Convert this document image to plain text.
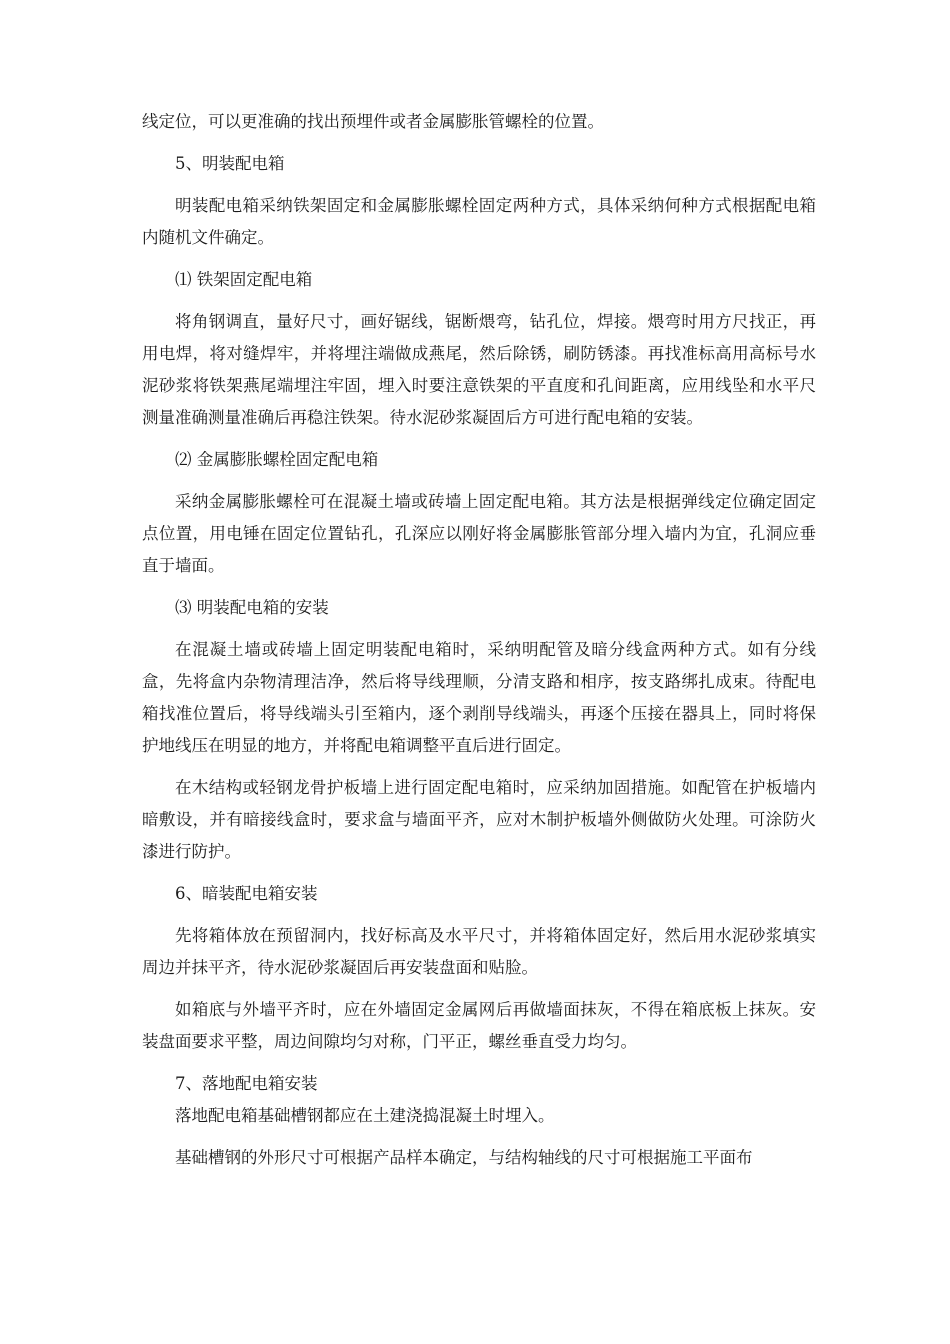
线定位，可以更准确的找出预埋件或者金属膨胀管螺栓的位置。

5、明装配电箱

明装配电箱采纳铁架固定和金属膨胀螺栓固定两种方式，具体采纳何种方式根据配电箱内随机文件确定。

⑴ 铁架固定配电箱

将角钢调直，量好尺寸，画好锯线，锯断煨弯，钻孔位，焊接。煨弯时用方尺找正，再用电焊，将对缝焊牢，并将埋注端做成燕尾，然后除锈，刷防锈漆。再找准标高用高标号水泥砂浆将铁架燕尾端埋注牢固，埋入时要注意铁架的平直度和孔间距离，应用线坠和水平尺测量准确测量准确后再稳注铁架。待水泥砂浆凝固后方可进行配电箱的安装。

⑵ 金属膨胀螺栓固定配电箱

采纳金属膨胀螺栓可在混凝土墙或砖墙上固定配电箱。其方法是根据弹线定位确定固定点位置，用电锤在固定位置钻孔，孔深应以刚好将金属膨胀管部分埋入墙内为宜，孔洞应垂直于墙面。

⑶ 明装配电箱的安装

在混凝土墙或砖墙上固定明装配电箱时，采纳明配管及暗分线盒两种方式。如有分线盒，先将盒内杂物清理洁净，然后将导线理顺，分清支路和相序，按支路绑扎成束。待配电箱找准位置后，将导线端头引至箱内，逐个剥削导线端头，再逐个压接在器具上，同时将保护地线压在明显的地方，并将配电箱调整平直后进行固定。

在木结构或轻钢龙骨护板墙上进行固定配电箱时，应采纳加固措施。如配管在护板墙内暗敷设，并有暗接线盒时，要求盒与墙面平齐，应对木制护板墙外侧做防火处理。可涂防火漆进行防护。

6、暗装配电箱安装

先将箱体放在预留洞内，找好标高及水平尺寸，并将箱体固定好，然后用水泥砂浆填实周边并抹平齐，待水泥砂浆凝固后再安装盘面和贴脸。

如箱底与外墙平齐时，应在外墙固定金属网后再做墙面抹灰，不得在箱底板上抹灰。安装盘面要求平整，周边间隙均匀对称，门平正，螺丝垂直受力均匀。

7、落地配电箱安装

落地配电箱基础槽钢都应在土建浇捣混凝土时埋入。

基础槽钢的外形尺寸可根据产品样本确定，与结构轴线的尺寸可根据施工平面布
